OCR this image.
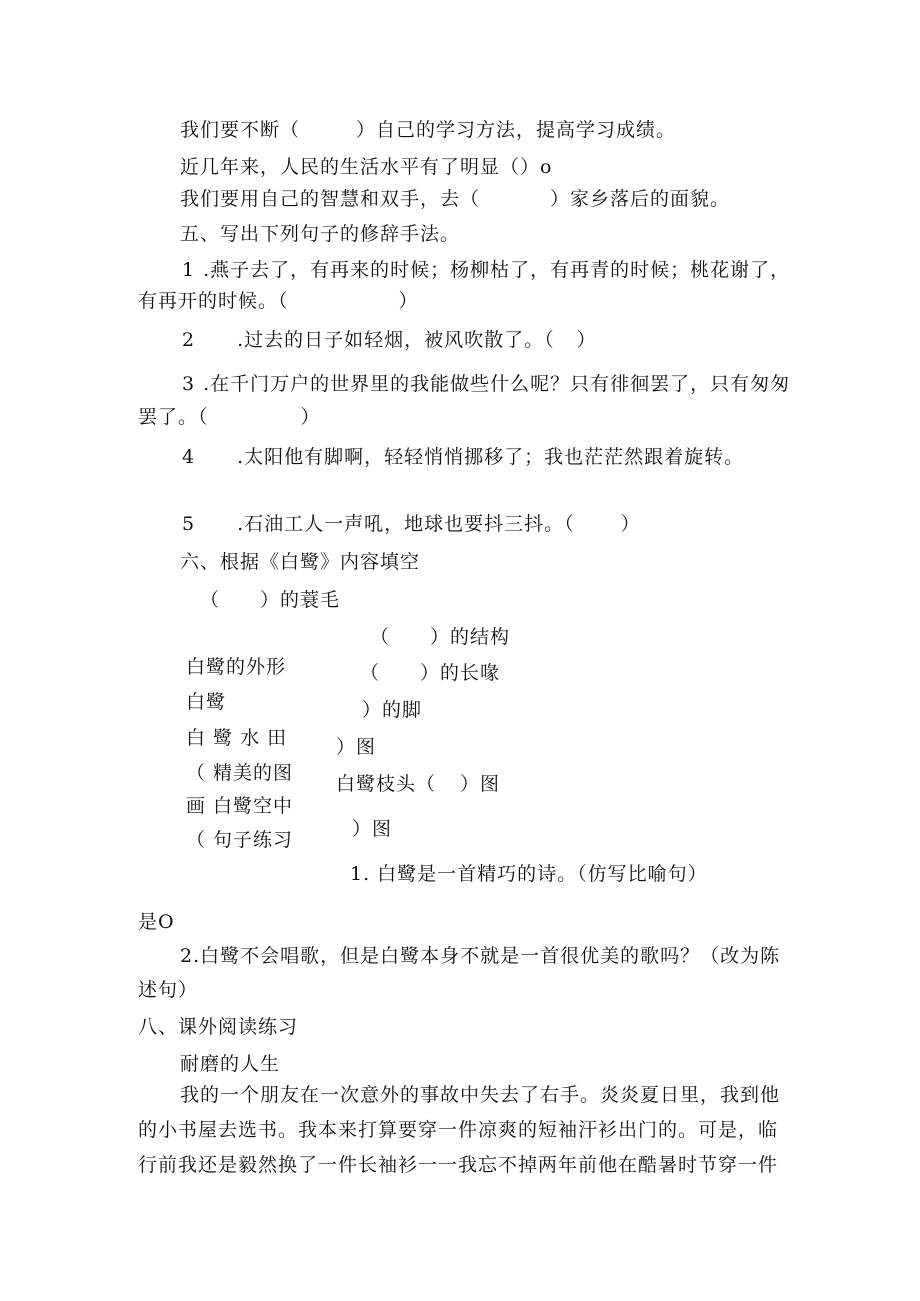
我们要不断（	）自己的学习方法，提高学习成绩。
近几年来，人民的生活水平有了明显（）o
我们要用自己的智慧和双手，去（	）家乡落后的面貌。
五、写出下列句子的修辞手法。
1 .燕子去了，有再来的时候；杨柳枯了，有再青的时候；桃花谢了，
有再开的时候。（	）
2 .过去的日子如轻烟，被风吹散了。（ ）
3 .在千门万户的世界里的我能做些什么呢？只有徘徊罢了，只有匆匆
罢了。（	）
4 .太阳他有脚啊，轻轻悄悄挪移了；我也茫茫然跟着旋转。
5 .石油工人一声吼，地球也要抖三抖。（ ）
六、根据《白鹭》内容填空
（　　）的蓑毛
（　　）的结构
白鹭的外形	（　　）的长喙
白鹭	）的脚
白 鹭 水 田	）图
（ 精美的图 白鹭枝头（ ）图
画 白鹭空中
）图
（ 句子练习
1. 白鹭是一首精巧的诗。（仿写比喻句）
是O
2.白鹭不会唱歌，但是白鹭本身不就是一首很优美的歌吗？（改为陈
述句）
八、课外阅读练习
耐磨的人生
我的一个朋友在一次意外的事故中失去了右手。炎炎夏日里，我到他
的小书屋去选书。我本来打算要穿一件凉爽的短袖汗衫出门的。可是，临
行前我还是毅然换了一件长袖衫一一我忘不掉两年前他在酷暑时节穿一件
